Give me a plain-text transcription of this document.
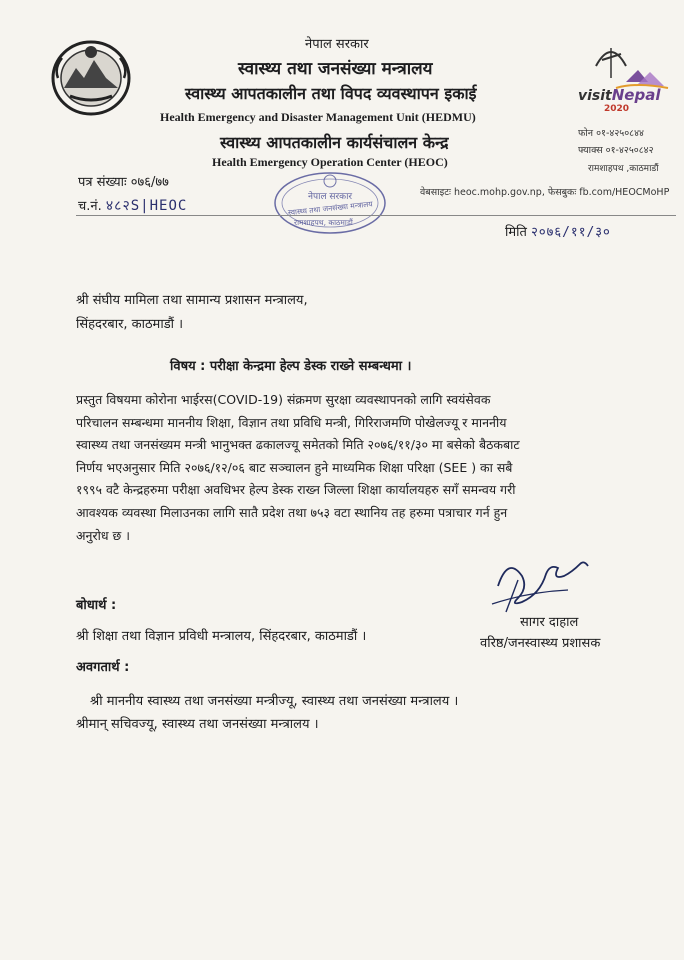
visitNepal
2020
नेपाल सरकार
स्वास्थ्य तथा जनसंख्या मन्त्रालय
स्वास्थ्य आपतकालीन तथा विपद व्यवस्थापन इकाई
Health Emergency and Disaster Management Unit (HEDMU)
स्वास्थ्य आपतकालीन कार्यसंचालन केन्द्र
Health Emergency Operation Center (HEOC)
फोन ०१-४२५०८४४
फ्याक्स ०१-४२५०८४२
रामशाहपथ ,काठमाडौं
वेबसाइटः heoc.mohp.gov.np, फेसबुकः fb.com/HEOCMoHP
पत्र संख्याः ०७६/७७
च.नं. ४८२S|HEOC
नेपाल सरकार
स्वास्थ्य तथा जनसंख्या मन्त्रालय
रामशाहपथ, काठमाडौं
मिति २०७६/११/३०
श्री संघीय मामिला तथा सामान्य प्रशासन मन्त्रालय,
सिंहदरबार, काठमाडौं ।
विषय : परीक्षा केन्द्रमा हेल्प डेस्क राख्ने सम्बन्धमा ।
प्रस्तुत विषयमा कोरोना भाईरस(COVID-19) संक्रमण सुरक्षा व्यवस्थापनको लागि स्वयंसेवक
परिचालन सम्बन्धमा माननीय शिक्षा, विज्ञान तथा प्रविधि मन्त्री, गिरिराजमणि पोखेलज्यू र माननीय
स्वास्थ्य तथा जनसंख्यम मन्त्री भानुभक्त ढकालज्यू समेतको मिति २०७६/११/३० मा बसेको बैठकबाट
निर्णय भएअनुसार मिति २०७६/१२/०६ बाट सञ्चालन हुने माध्यमिक शिक्षा परिक्षा (SEE ) का सबै
१९९५ वटै केन्द्रहरुमा परीक्षा अवधिभर हेल्प डेस्क राख्न जिल्ला शिक्षा कार्यालयहरु सगँ समन्वय गरी
आवश्यक व्यवस्था मिलाउनका लागि सातै प्रदेश तथा ७५३ वटा स्थानिय तह हरुमा पत्राचार गर्न हुन
अनुरोध छ ।
सागर दाहाल
वरिष्ठ/जनस्वास्थ्य प्रशासक
बोधार्थ :
श्री शिक्षा तथा विज्ञान प्रविधी मन्त्रालय, सिंहदरबार, काठमाडौं ।
अवगतार्थ :
श्री माननीय स्वास्थ्य तथा जनसंख्या मन्त्रीज्यू, स्वास्थ्य तथा जनसंख्या मन्त्रालय ।
श्रीमान् सचिवज्यू, स्वास्थ्य तथा जनसंख्या मन्त्रालय ।
